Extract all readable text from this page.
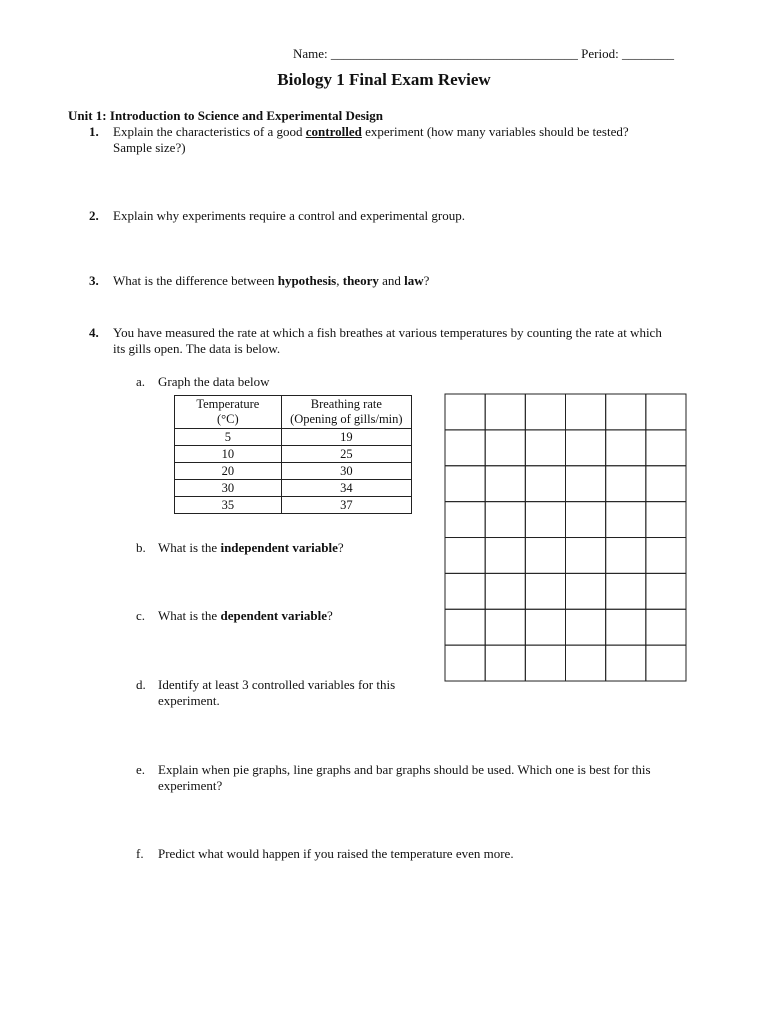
Name: ______________________________________ Period: ________
Biology 1 Final Exam Review
Unit 1: Introduction to Science and Experimental Design
1. Explain the characteristics of a good controlled experiment (how many variables should be tested?
Sample size?)
2. Explain why experiments require a control and experimental group.
3. What is the difference between hypothesis, theory and law?
4. You have measured the rate at which a fish breathes at various temperatures by counting the rate at which
its gills open. The data is below.
a. Graph the data below
Temperature
(°C)	Breathing rate
(Opening of gills/min)
5	19
10	25
20	30
30	34
35	37
b. What is the independent variable?
c. What is the dependent variable?
d. Identify at least 3 controlled variables for this
experiment.
e. Explain when pie graphs, line graphs and bar graphs should be used. Which one is best for this
experiment?
f. Predict what would happen if you raised the temperature even more.
